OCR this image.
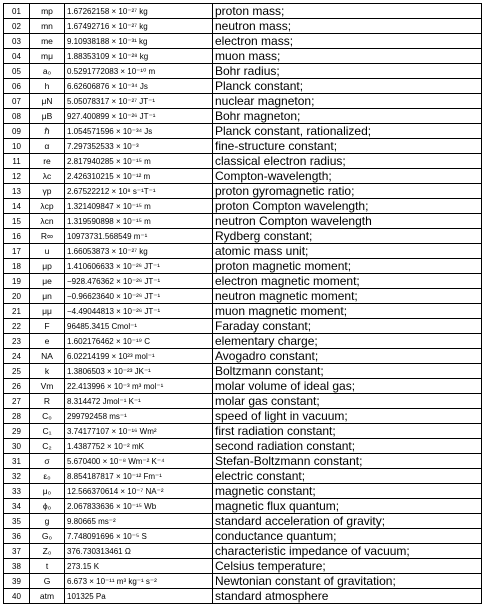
01	mp	1.67262158 × 10⁻²⁷ kg	proton mass;
02	mn	1.67492716 × 10⁻²⁷ kg	neutron mass;
03	me	9.10938188 × 10⁻³¹ kg	electron mass;
04	mμ	1.88353109 × 10⁻²⁸ kg	muon mass;
05	a₀	0.5291772083 × 10⁻¹⁰ m	Bohr radius;
06	h	6.62606876 × 10⁻³⁴ Js	Planck constant;
07	μN	5.05078317 × 10⁻²⁷ JT⁻¹	nuclear magneton;
08	μB	927.400899 × 10⁻²⁶ JT⁻¹	Bohr magneton;
09	ℏ	1.054571596 × 10⁻³⁴ Js	Planck constant, rationalized;
10	α	7.297352533 × 10⁻³	fine-structure constant;
11	re	2.817940285 × 10⁻¹⁵ m	classical electron radius;
12	λc	2.426310215 × 10⁻¹² m	Compton-wavelength;
13	γp	2.67522212 × 10⁸ s⁻¹T⁻¹	proton gyromagnetic ratio;
14	λcp	1.321409847 × 10⁻¹⁵ m	proton Compton wavelength;
15	λcn	1.319590898 × 10⁻¹⁵ m	neutron Compton wavelength
16	R∞	10973731.568549 m⁻¹	Rydberg constant;
17	u	1.66053873 × 10⁻²⁷ kg	atomic mass unit;
18	μp	1.410606633 × 10⁻²⁶ JT⁻¹	proton magnetic moment;
19	μe	−928.476362 × 10⁻²⁶ JT⁻¹	electron magnetic moment;
20	μn	−0.96623640 × 10⁻²⁶ JT⁻¹	neutron magnetic moment;
21	μμ	−4.49044813 × 10⁻²⁶ JT⁻¹	muon magnetic moment;
22	F	96485.3415 Cmol⁻¹	Faraday constant;
23	e	1.602176462 × 10⁻¹⁹ C	elementary charge;
24	NA	6.02214199 × 10²³ mol⁻¹	Avogadro constant;
25	k	1.3806503 × 10⁻²³ JK⁻¹	Boltzmann constant;
26	Vm	22.413996 × 10⁻³ m³ mol⁻¹	molar volume of ideal gas;
27	R	8.314472 Jmol⁻¹ K⁻¹	molar gas constant;
28	C₀	299792458 ms⁻¹	speed of light in vacuum;
29	C₁	3.74177107 × 10⁻¹⁶ Wm²	first radiation constant;
30	C₂	1.4387752 × 10⁻² mK	second radiation constant;
31	σ	5.670400 × 10⁻⁸ Wm⁻² K⁻⁴	Stefan-Boltzmann constant;
32	ε₀	8.854187817 × 10⁻¹² Fm⁻¹	electric constant;
33	μ₀	12.566370614 × 10⁻⁷ NA⁻²	magnetic constant;
34	ϕ₀	2.067833636 × 10⁻¹⁵ Wb	magnetic flux quantum;
35	g	9.80665 ms⁻²	standard acceleration of gravity;
36	G₀	7.748091696 × 10⁻⁵ S	conductance quantum;
37	Z₀	376.730313461 Ω	characteristic impedance of vacuum;
38	t	273.15 K	Celsius temperature;
39	G	6.673 × 10⁻¹¹ m³ kg⁻¹ s⁻²	Newtonian constant of gravitation;
40	atm	101325 Pa	standard atmosphere
